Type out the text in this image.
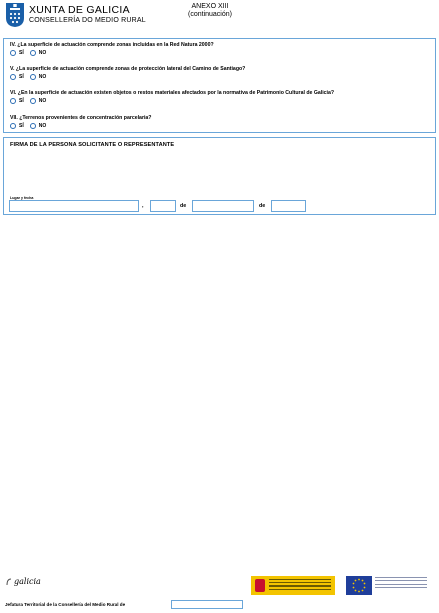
XUNTA DE GALICIA
CONSELLERÍA DO MEDIO RURAL
ANEXO XIII
(continuación)
IV. ¿La superficie de actuación comprende zonas incluidas en la Red Natura 2000?
SÍ	NO
V. ¿La superficie de actuación comprende zonas de protección lateral del Camino de Santiago?
SÍ	NO
VI. ¿En la superficie de actuación existen objetos o restos materiales afectados por la normativa de Patrimonio Cultural de Galicia?
SÍ	NO
VII. ¿Terrenos provenientes de concentración parcelaria?
SÍ	NO
FIRMA DE LA PERSONA SOLICITANTE O REPRESENTANTE
Lugar y fecha
,	de	de
galicia
Jefatura Territorial de la Consellería del Medio Rural de
